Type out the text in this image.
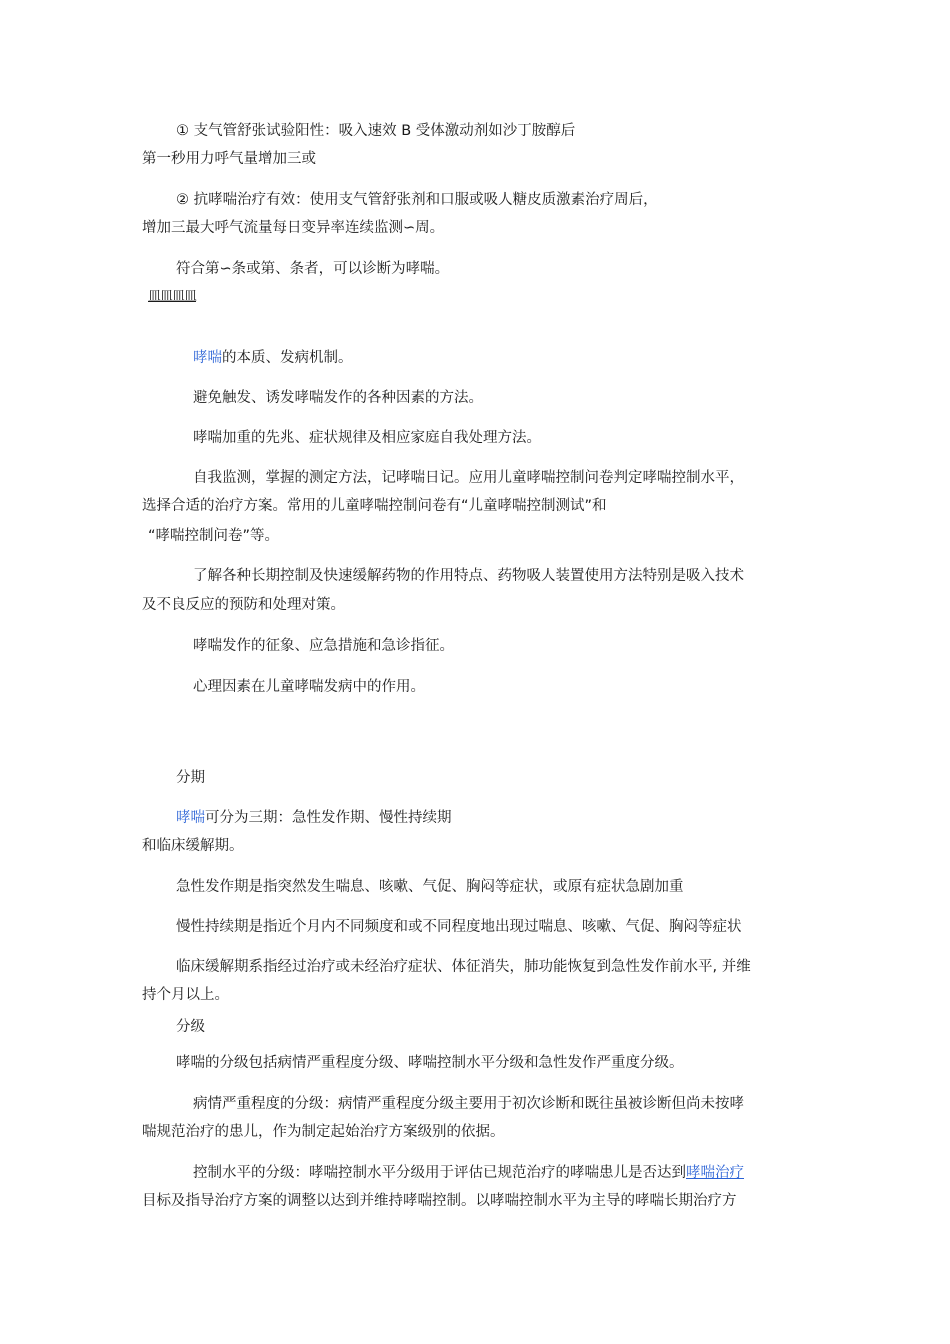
① 支气管舒张试验阳性：吸入速效 B 受体激动剂如沙丁胺醇后
第一秒用力呼气量增加三或
② 抗哮喘治疗有效：使用支气管舒张剂和口服或吸人糖皮质激素治疗周后，
增加三最大呼气流量每日变异率连续监测∽周。
符合第∽条或第、条者，可以诊断为哮喘。
皿皿皿皿
哮喘的本质、发病机制。
避免触发、诱发哮喘发作的各种因素的方法。
哮喘加重的先兆、症状规律及相应家庭自我处理方法。
自我监测，掌握的测定方法，记哮喘日记。应用儿童哮喘控制问卷判定哮喘控制水平，
选择合适的治疗方案。常用的儿童哮喘控制问卷有“儿童哮喘控制测试”和
“哮喘控制问卷”等。
了解各种长期控制及快速缓解药物的作用特点、药物吸人装置使用方法特别是吸入技术
及不良反应的预防和处理对策。
哮喘发作的征象、应急措施和急诊指征。
心理因素在儿童哮喘发病中的作用。
分期
哮喘可分为三期：急性发作期、慢性持续期
和临床缓解期。
急性发作期是指突然发生喘息、咳嗽、气促、胸闷等症状，或原有症状急剧加重
慢性持续期是指近个月内不同频度和或不同程度地出现过喘息、咳嗽、气促、胸闷等症状
临床缓解期系指经过治疗或未经治疗症状、体征消失，肺功能恢复到急性发作前水平, 并维
持个月以上。
分级
哮喘的分级包括病情严重程度分级、哮喘控制水平分级和急性发作严重度分级。
病情严重程度的分级：病情严重程度分级主要用于初次诊断和既往虽被诊断但尚未按哮
喘规范治疗的患儿，作为制定起始治疗方案级别的依据。
控制水平的分级：哮喘控制水平分级用于评估已规范治疗的哮喘患儿是否达到哮喘治疗
目标及指导治疗方案的调整以达到并维持哮喘控制。以哮喘控制水平为主导的哮喘长期治疗方
